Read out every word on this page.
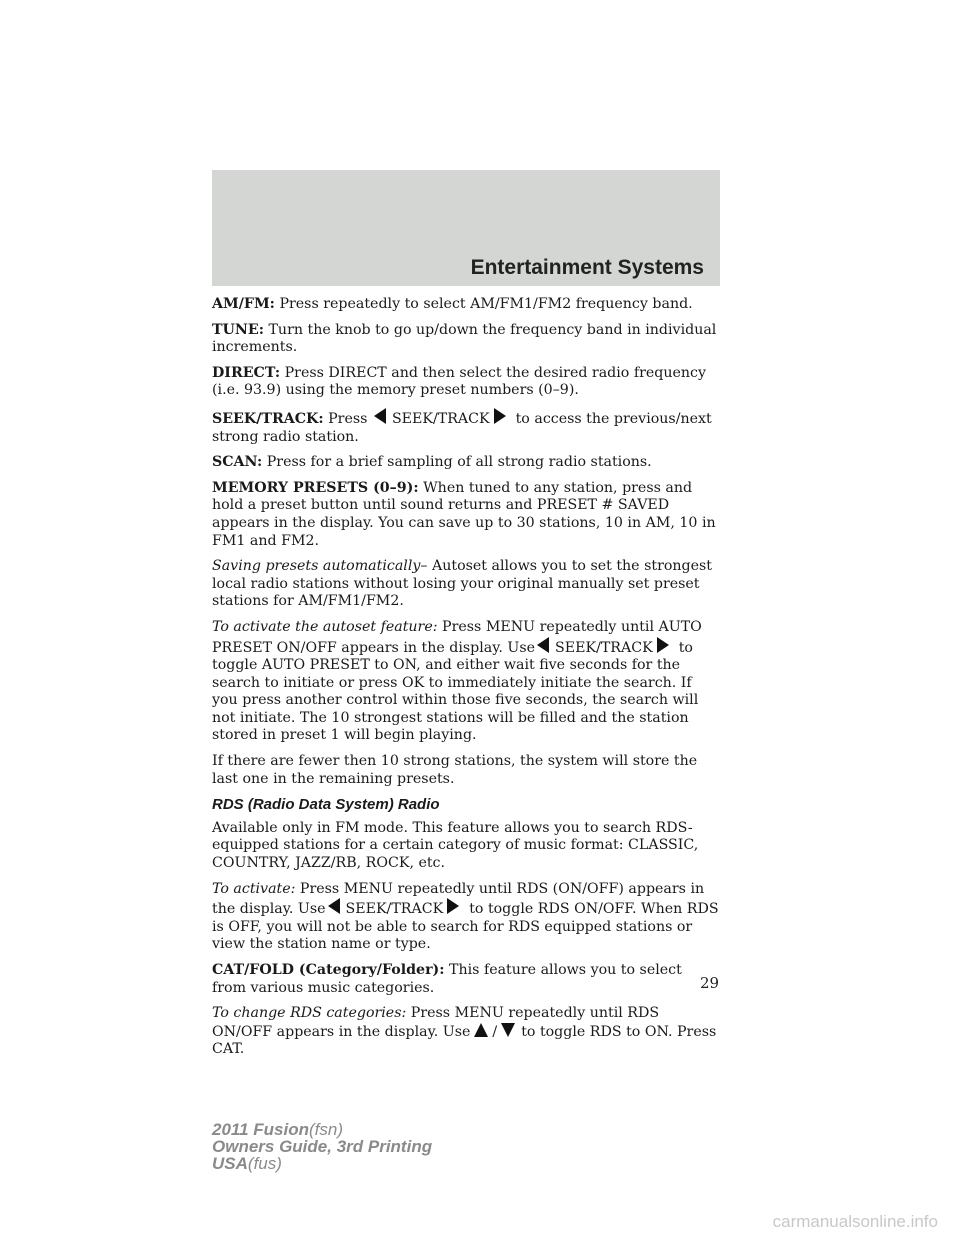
Entertainment Systems

AM/FM: Press repeatedly to select AM/FM1/FM2 frequency band.

TUNE: Turn the knob to go up/down the frequency band in individual increments.

DIRECT: Press DIRECT and then select the desired radio frequency (i.e. 93.9) using the memory preset numbers (0–9).

SEEK/TRACK: Press SEEK/TRACK to access the previous/next strong radio station.

SCAN: Press for a brief sampling of all strong radio stations.

MEMORY PRESETS (0–9): When tuned to any station, press and hold a preset button until sound returns and PRESET # SAVED appears in the display. You can save up to 30 stations, 10 in AM, 10 in FM1 and FM2.

Saving presets automatically– Autoset allows you to set the strongest local radio stations without losing your original manually set preset stations for AM/FM1/FM2.

To activate the autoset feature: Press MENU repeatedly until AUTO PRESET ON/OFF appears in the display. Use SEEK/TRACK to toggle AUTO PRESET to ON, and either wait five seconds for the search to initiate or press OK to immediately initiate the search. If you press another control within those five seconds, the search will not initiate. The 10 strongest stations will be filled and the station stored in preset 1 will begin playing.

If there are fewer then 10 strong stations, the system will store the last one in the remaining presets.

RDS (Radio Data System) Radio

Available only in FM mode. This feature allows you to search RDS-equipped stations for a certain category of music format: CLASSIC, COUNTRY, JAZZ/RB, ROCK, etc.

To activate: Press MENU repeatedly until RDS (ON/OFF) appears in the display. Use SEEK/TRACK to toggle RDS ON/OFF. When RDS is OFF, you will not be able to search for RDS equipped stations or view the station name or type.

CAT/FOLD (Category/Folder): This feature allows you to select from various music categories.

To change RDS categories: Press MENU repeatedly until RDS ON/OFF appears in the display. Use / to toggle RDS to ON. Press CAT.

29
2011 Fusion(fsn)
Owners Guide, 3rd Printing
USA(fus)
carmanualsonline.info
